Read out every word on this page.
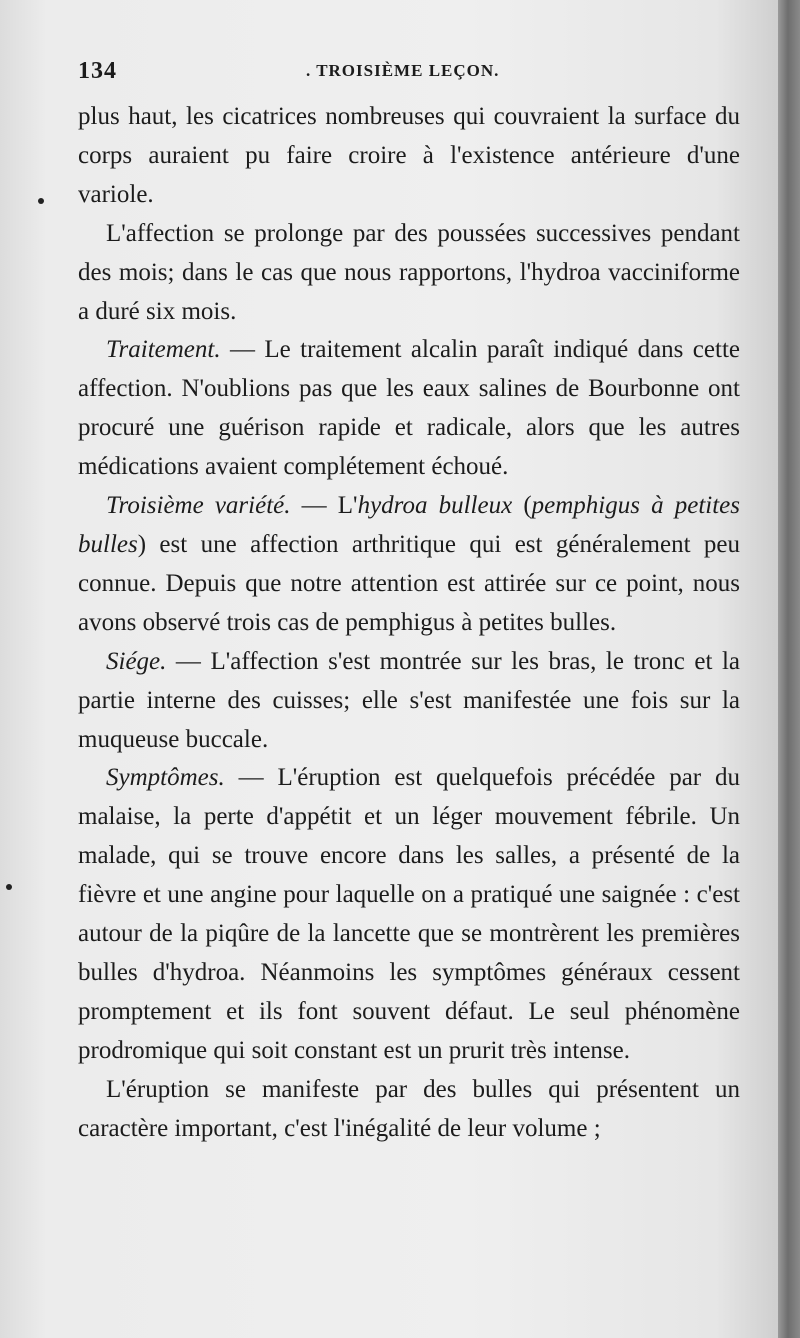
134	. TROISIÈME LEÇON.

plus haut, les cicatrices nombreuses qui couvraient la surface du corps auraient pu faire croire à l'existence antérieure d'une variole.

L'affection se prolonge par des poussées successives pendant des mois; dans le cas que nous rapportons, l'hydroa vacciniforme a duré six mois.

Traitement. — Le traitement alcalin paraît indiqué dans cette affection. N'oublions pas que les eaux salines de Bourbonne ont procuré une guérison rapide et radicale, alors que les autres médications avaient complétement échoué.

Troisième variété. — L'hydroa bulleux (pemphigus à petites bulles) est une affection arthritique qui est généralement peu connue. Depuis que notre attention est attirée sur ce point, nous avons observé trois cas de pemphigus à petites bulles.

Siége. — L'affection s'est montrée sur les bras, le tronc et la partie interne des cuisses; elle s'est manifestée une fois sur la muqueuse buccale.

Symptômes. — L'éruption est quelquefois précédée par du malaise, la perte d'appétit et un léger mouvement fébrile. Un malade, qui se trouve encore dans les salles, a présenté de la fièvre et une angine pour laquelle on a pratiqué une saignée : c'est autour de la piqûre de la lancette que se montrèrent les premières bulles d'hydroa. Néanmoins les symptômes généraux cessent promptement et ils font souvent défaut. Le seul phénomène prodromique qui soit constant est un prurit très intense.

L'éruption se manifeste par des bulles qui présentent un caractère important, c'est l'inégalité de leur volume ;
